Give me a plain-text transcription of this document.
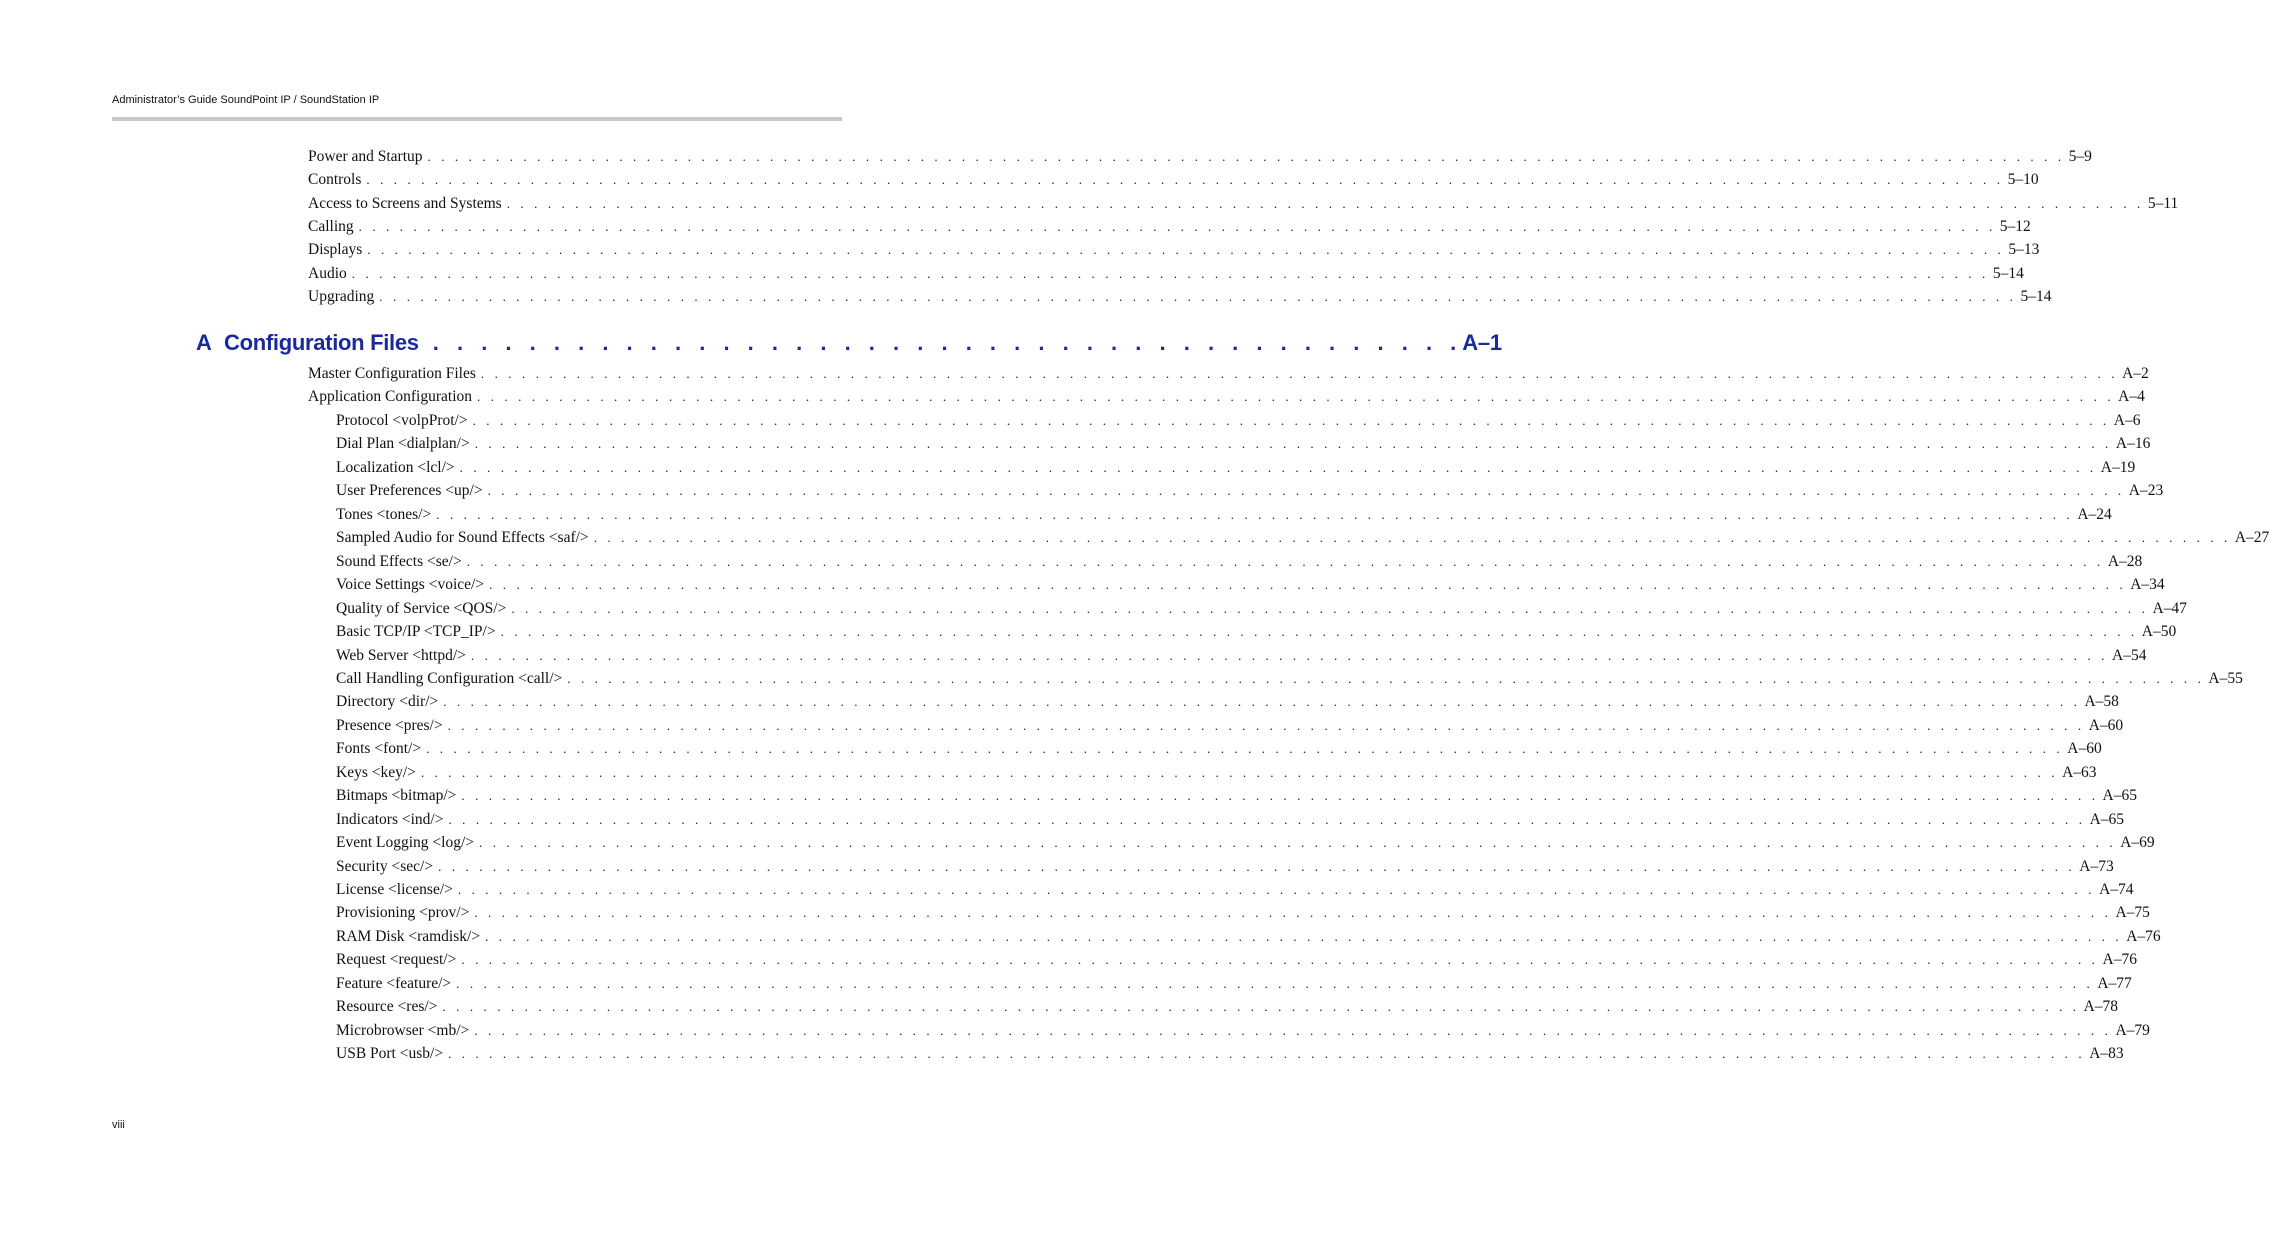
Administrator’s Guide SoundPoint IP / SoundStation IP
Power and Startup . . . . . . . . . . . . . . . . . . . . . . . . . . . . . . . . . . . . . . . . . . . . . . . . . . . . . . . . . . . . . . . . . . . . . . . . . . . . . . . . . . . . . . . . . . . . . . . . . . . . . . . . . . . . . . . . . . . . . . . . 5–9
Controls . . . . . . . . . . . . . . . . . . . . . . . . . . . . . . . . . . . . . . . . . . . . . . . . . . . . . . . . . . . . . . . . . . . . . . . . . . . . . . . . . . . . . . . . . . . . . . . . . . . . . . . . . . . . . . . . . . . . . . . . 5–10
Access to Screens and Systems . . . . . . . . . . . . . . . . . . . . . . . . . . . . . . . . . . . . . . . . . . . . . . . . . . . . . . . . . . . . . . . . . . . . . . . . . . . . . . . . . . . . . . . . . . . . . . . . . . . . . . . . . . . . . . . . . . . . . . . . 5–11
Calling . . . . . . . . . . . . . . . . . . . . . . . . . . . . . . . . . . . . . . . . . . . . . . . . . . . . . . . . . . . . . . . . . . . . . . . . . . . . . . . . . . . . . . . . . . . . . . . . . . . . . . . . . . . . . . . . . . . . . . . . 5–12
Displays . . . . . . . . . . . . . . . . . . . . . . . . . . . . . . . . . . . . . . . . . . . . . . . . . . . . . . . . . . . . . . . . . . . . . . . . . . . . . . . . . . . . . . . . . . . . . . . . . . . . . . . . . . . . . . . . . . . . . . . . 5–13
Audio . . . . . . . . . . . . . . . . . . . . . . . . . . . . . . . . . . . . . . . . . . . . . . . . . . . . . . . . . . . . . . . . . . . . . . . . . . . . . . . . . . . . . . . . . . . . . . . . . . . . . . . . . . . . . . . . . . . . . . . . 5–14
Upgrading . . . . . . . . . . . . . . . . . . . . . . . . . . . . . . . . . . . . . . . . . . . . . . . . . . . . . . . . . . . . . . . . . . . . . . . . . . . . . . . . . . . . . . . . . . . . . . . . . . . . . . . . . . . . . . . . . . . . . . . . 5–14
A Configuration Files . . . . . . . . . . . . . . . . . . . . . . . . . . . . . . . . . . . . . . . . . . . A–1
Master Configuration Files . . . . . . . . . . . . . . . . . . . . . . . . . . . . . . . . . . . . . . . . . . . . . . . . . . . . . . . . . . . . . . . . . . . . . . . . . . . . . . . . . . . . . . . . . . . . . . . . . . . . . . . . . . . . . . . . . . . . . . . . A–2
Application Configuration . . . . . . . . . . . . . . . . . . . . . . . . . . . . . . . . . . . . . . . . . . . . . . . . . . . . . . . . . . . . . . . . . . . . . . . . . . . . . . . . . . . . . . . . . . . . . . . . . . . . . . . . . . . . . . . . . . . . . . . . A–4
Protocol <volpProt/> . . . . . . . . . . . . . . . . . . . . . . . . . . . . . . . . . . . . . . . . . . . . . . . . . . . . . . . . . . . . . . . . . . . . . . . . . . . . . . . . . . . . . . . . . . . . . . . . . . . . . . . . . . . . . . . . . . . . . . . . A–6
Dial Plan <dialplan/> . . . . . . . . . . . . . . . . . . . . . . . . . . . . . . . . . . . . . . . . . . . . . . . . . . . . . . . . . . . . . . . . . . . . . . . . . . . . . . . . . . . . . . . . . . . . . . . . . . . . . . . . . . . . . . . . . . . . . . . . A–16
Localization <lcl/> . . . . . . . . . . . . . . . . . . . . . . . . . . . . . . . . . . . . . . . . . . . . . . . . . . . . . . . . . . . . . . . . . . . . . . . . . . . . . . . . . . . . . . . . . . . . . . . . . . . . . . . . . . . . . . . . . . . . . . . . A–19
User Preferences <up/> . . . . . . . . . . . . . . . . . . . . . . . . . . . . . . . . . . . . . . . . . . . . . . . . . . . . . . . . . . . . . . . . . . . . . . . . . . . . . . . . . . . . . . . . . . . . . . . . . . . . . . . . . . . . . . . . . . . . . . . . A–23
Tones <tones/> . . . . . . . . . . . . . . . . . . . . . . . . . . . . . . . . . . . . . . . . . . . . . . . . . . . . . . . . . . . . . . . . . . . . . . . . . . . . . . . . . . . . . . . . . . . . . . . . . . . . . . . . . . . . . . . . . . . . . . . . A–24
Sampled Audio for Sound Effects <saf/> . . . . . . . . . . . . . . . . . . . . . . . . . . . . . . . . . . . . . . . . . . . . . . . . . . . . . . . . . . . . . . . . . . . . . . . . . . . . . . . . . . . . . . . . . . . . . . . . . . . . . . . . . . . . . . . . . . . . . . . . A–27
Sound Effects <se/> . . . . . . . . . . . . . . . . . . . . . . . . . . . . . . . . . . . . . . . . . . . . . . . . . . . . . . . . . . . . . . . . . . . . . . . . . . . . . . . . . . . . . . . . . . . . . . . . . . . . . . . . . . . . . . . . . . . . . . . . A–28
Voice Settings <voice/> . . . . . . . . . . . . . . . . . . . . . . . . . . . . . . . . . . . . . . . . . . . . . . . . . . . . . . . . . . . . . . . . . . . . . . . . . . . . . . . . . . . . . . . . . . . . . . . . . . . . . . . . . . . . . . . . . . . . . . . . A–34
Quality of Service <QOS/> . . . . . . . . . . . . . . . . . . . . . . . . . . . . . . . . . . . . . . . . . . . . . . . . . . . . . . . . . . . . . . . . . . . . . . . . . . . . . . . . . . . . . . . . . . . . . . . . . . . . . . . . . . . . . . . . . . . . . . . . A–47
Basic TCP/IP <TCP_IP/> . . . . . . . . . . . . . . . . . . . . . . . . . . . . . . . . . . . . . . . . . . . . . . . . . . . . . . . . . . . . . . . . . . . . . . . . . . . . . . . . . . . . . . . . . . . . . . . . . . . . . . . . . . . . . . . . . . . . . . . . A–50
Web Server <httpd/> . . . . . . . . . . . . . . . . . . . . . . . . . . . . . . . . . . . . . . . . . . . . . . . . . . . . . . . . . . . . . . . . . . . . . . . . . . . . . . . . . . . . . . . . . . . . . . . . . . . . . . . . . . . . . . . . . . . . . . . . A–54
Call Handling Configuration <call/> . . . . . . . . . . . . . . . . . . . . . . . . . . . . . . . . . . . . . . . . . . . . . . . . . . . . . . . . . . . . . . . . . . . . . . . . . . . . . . . . . . . . . . . . . . . . . . . . . . . . . . . . . . . . . . . . . . . . . . . . A–55
Directory <dir/> . . . . . . . . . . . . . . . . . . . . . . . . . . . . . . . . . . . . . . . . . . . . . . . . . . . . . . . . . . . . . . . . . . . . . . . . . . . . . . . . . . . . . . . . . . . . . . . . . . . . . . . . . . . . . . . . . . . . . . . . A–58
Presence <pres/> . . . . . . . . . . . . . . . . . . . . . . . . . . . . . . . . . . . . . . . . . . . . . . . . . . . . . . . . . . . . . . . . . . . . . . . . . . . . . . . . . . . . . . . . . . . . . . . . . . . . . . . . . . . . . . . . . . . . . . . . A–60
Fonts <font/> . . . . . . . . . . . . . . . . . . . . . . . . . . . . . . . . . . . . . . . . . . . . . . . . . . . . . . . . . . . . . . . . . . . . . . . . . . . . . . . . . . . . . . . . . . . . . . . . . . . . . . . . . . . . . . . . . . . . . . . . A–60
Keys <key/> . . . . . . . . . . . . . . . . . . . . . . . . . . . . . . . . . . . . . . . . . . . . . . . . . . . . . . . . . . . . . . . . . . . . . . . . . . . . . . . . . . . . . . . . . . . . . . . . . . . . . . . . . . . . . . . . . . . . . . . . A–63
Bitmaps <bitmap/> . . . . . . . . . . . . . . . . . . . . . . . . . . . . . . . . . . . . . . . . . . . . . . . . . . . . . . . . . . . . . . . . . . . . . . . . . . . . . . . . . . . . . . . . . . . . . . . . . . . . . . . . . . . . . . . . . . . . . . . . A–65
Indicators <ind/> . . . . . . . . . . . . . . . . . . . . . . . . . . . . . . . . . . . . . . . . . . . . . . . . . . . . . . . . . . . . . . . . . . . . . . . . . . . . . . . . . . . . . . . . . . . . . . . . . . . . . . . . . . . . . . . . . . . . . . . . A–65
Event Logging <log/> . . . . . . . . . . . . . . . . . . . . . . . . . . . . . . . . . . . . . . . . . . . . . . . . . . . . . . . . . . . . . . . . . . . . . . . . . . . . . . . . . . . . . . . . . . . . . . . . . . . . . . . . . . . . . . . . . . . . . . . . A–69
Security <sec/> . . . . . . . . . . . . . . . . . . . . . . . . . . . . . . . . . . . . . . . . . . . . . . . . . . . . . . . . . . . . . . . . . . . . . . . . . . . . . . . . . . . . . . . . . . . . . . . . . . . . . . . . . . . . . . . . . . . . . . . . A–73
License <license/> . . . . . . . . . . . . . . . . . . . . . . . . . . . . . . . . . . . . . . . . . . . . . . . . . . . . . . . . . . . . . . . . . . . . . . . . . . . . . . . . . . . . . . . . . . . . . . . . . . . . . . . . . . . . . . . . . . . . . . . . A–74
Provisioning <prov/> . . . . . . . . . . . . . . . . . . . . . . . . . . . . . . . . . . . . . . . . . . . . . . . . . . . . . . . . . . . . . . . . . . . . . . . . . . . . . . . . . . . . . . . . . . . . . . . . . . . . . . . . . . . . . . . . . . . . . . . . A–75
RAM Disk <ramdisk/> . . . . . . . . . . . . . . . . . . . . . . . . . . . . . . . . . . . . . . . . . . . . . . . . . . . . . . . . . . . . . . . . . . . . . . . . . . . . . . . . . . . . . . . . . . . . . . . . . . . . . . . . . . . . . . . . . . . . . . . . A–76
Request <request/> . . . . . . . . . . . . . . . . . . . . . . . . . . . . . . . . . . . . . . . . . . . . . . . . . . . . . . . . . . . . . . . . . . . . . . . . . . . . . . . . . . . . . . . . . . . . . . . . . . . . . . . . . . . . . . . . . . . . . . . . A–76
Feature <feature/> . . . . . . . . . . . . . . . . . . . . . . . . . . . . . . . . . . . . . . . . . . . . . . . . . . . . . . . . . . . . . . . . . . . . . . . . . . . . . . . . . . . . . . . . . . . . . . . . . . . . . . . . . . . . . . . . . . . . . . . . A–77
Resource <res/> . . . . . . . . . . . . . . . . . . . . . . . . . . . . . . . . . . . . . . . . . . . . . . . . . . . . . . . . . . . . . . . . . . . . . . . . . . . . . . . . . . . . . . . . . . . . . . . . . . . . . . . . . . . . . . . . . . . . . . . . A–78
Microbrowser <mb/> . . . . . . . . . . . . . . . . . . . . . . . . . . . . . . . . . . . . . . . . . . . . . . . . . . . . . . . . . . . . . . . . . . . . . . . . . . . . . . . . . . . . . . . . . . . . . . . . . . . . . . . . . . . . . . . . . . . . . . . . A–79
USB Port <usb/> . . . . . . . . . . . . . . . . . . . . . . . . . . . . . . . . . . . . . . . . . . . . . . . . . . . . . . . . . . . . . . . . . . . . . . . . . . . . . . . . . . . . . . . . . . . . . . . . . . . . . . . . . . . . . . . . . . . . . . . . A–83
viii
